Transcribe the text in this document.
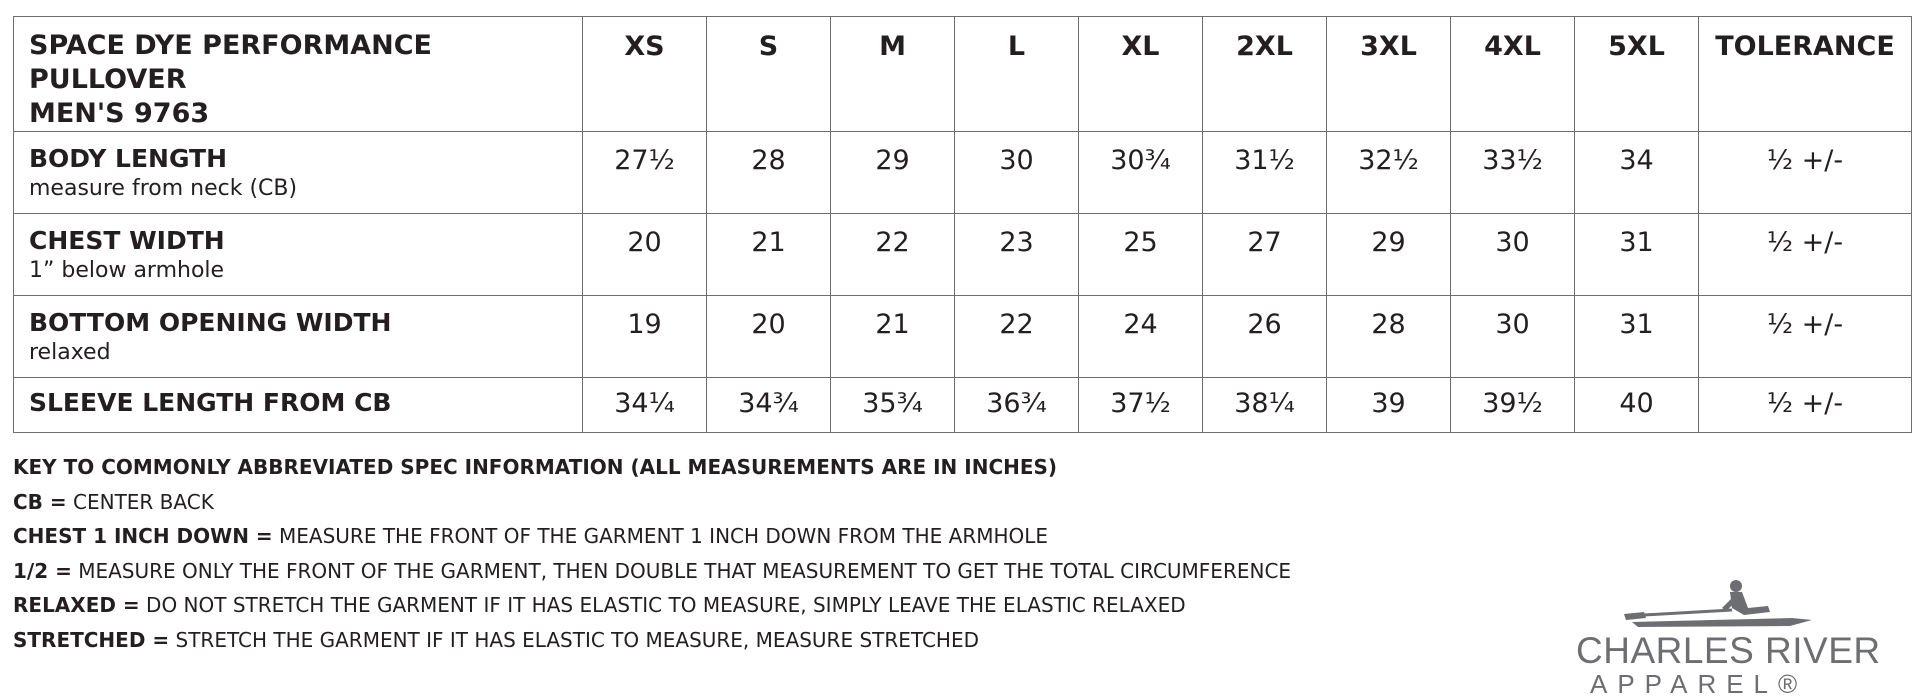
SPACE DYE PERFORMANCE PULLOVER
MEN'S 9763	XS	S	M	L	XL	2XL	3XL	4XL	5XL	TOLERANCE

BODY LENGTH
measure from neck (CB)	27½	28	29	30	30¾	31½	32½	33½	34	½ +/-

CHEST WIDTH
1” below armhole	20	21	22	23	25	27	29	30	31	½ +/-

BOTTOM OPENING WIDTH
relaxed	19	20	21	22	24	26	28	30	31	½ +/-

SLEEVE LENGTH FROM CB	34¼	34¾	35¾	36¾	37½	38¼	39	39½	40	½ +/-
KEY TO COMMONLY ABBREVIATED SPEC INFORMATION (ALL MEASUREMENTS ARE IN INCHES)
CB = CENTER BACK
CHEST 1 INCH DOWN = MEASURE THE FRONT OF THE GARMENT 1 INCH DOWN FROM THE ARMHOLE
1/2 = MEASURE ONLY THE FRONT OF THE GARMENT, THEN DOUBLE THAT MEASUREMENT TO GET THE TOTAL CIRCUMFERENCE
RELAXED = DO NOT STRETCH THE GARMENT IF IT HAS ELASTIC TO MEASURE, SIMPLY LEAVE THE ELASTIC RELAXED
STRETCHED = STRETCH THE GARMENT IF IT HAS ELASTIC TO MEASURE, MEASURE STRETCHED	CHARLES RIVER
APPAREL®
